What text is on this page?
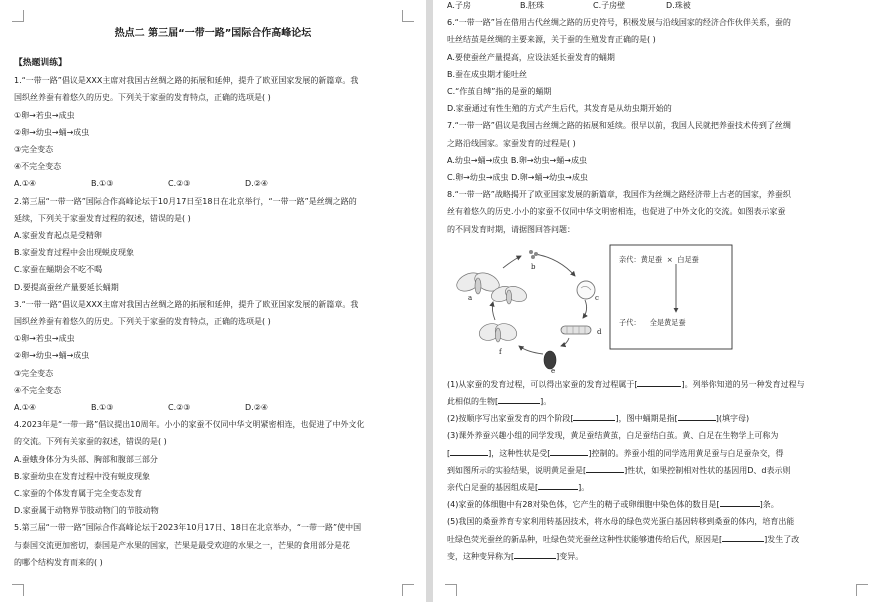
热点二 第三届“一带一路”国际合作高峰论坛
【热题训练】
1.“一带一路”倡议是XXX主席对我国古丝绸之路的拓展和延伸，提升了欧亚国家发展的新篇章。我
国织丝养蚕有着悠久的历史。下列关于家蚕的发育特点，正确的选项是( )
①卵→若虫→成虫
②卵→幼虫→蛹→成虫
③完全变态
④不完全变态
A.①④	B.①③	C.②③	D.②④
2.第三届“一带一路”国际合作高峰论坛于10月17日至18日在北京举行，“一带一路”是丝绸之路的
延续，下列关于家蚕发育过程的叙述，错误的是( )
A.家蚕发育起点是受精卵
B.家蚕发育过程中会出现蜕皮现象
C.家蚕在蛹期会不吃不喝
D.要提高蚕丝产量要延长蛹期
3.“一带一路”倡议是XXX主席对我国古丝绸之路的拓展和延伸，提升了欧亚国家发展的新篇章。我
国织丝养蚕有着悠久的历史。下列关于家蚕的发育特点，正确的选项是( )
①卵→若虫→成虫
②卵→幼虫→蛹→成虫
③完全变态
④不完全变态
A.①④	B.①③	C.②③	D.②④
4.2023年是“一带一路”倡议提出10周年。小小的家蚕不仅同中华文明紧密相连，也促进了中外文化
的交流。下列有关家蚕的叙述，错误的是( )
A.蚕蛾身体分为头部、胸部和腹部三部分
B.家蚕幼虫在发育过程中没有蜕皮现象
C.家蚕的个体发育属于完全变态发育
D.家蚕属于动物界节肢动物门的节肢动物
5.第三届“一带一路”国际合作高峰论坛于2023年10月17日、18日在北京举办，“一带一路”使中国
与泰国交流更加密切，泰国是产水果的国家，芒果是最受欢迎的水果之一，芒果的食用部分是花
的哪个结构发育而来的( )
A.子房	B.胚珠	C.子房壁	D.珠被
6.“一带一路”旨在借用古代丝绸之路的历史符号，积极发展与沿线国家的经济合作伙伴关系，蚕的
吐丝结茧是丝绸的主要来源，关于蚕的生殖发育正确的是( )
A.要使蚕丝产量提高，应设法延长蚕发育的蛹期
B.蚕在成虫期才能吐丝
C.“作茧自缚”指的是蚕的蛹期
D.家蚕通过有性生殖的方式产生后代，其发育是从幼虫期开始的
7.“一带一路”倡议是我国古丝绸之路的拓展和延续。很早以前，我国人民就把养蚕技术传到了丝绸
之路沿线国家。家蚕发育的过程是( )
A.幼虫→蛹→成虫 B.卵→幼虫→蛹→成虫
C.卵→幼虫→成虫 D.卵→蛹→幼虫→成虫
8.“一带一路”战略揭开了欧亚国家发展的新篇章，我国作为丝绸之路经济带上古老的国家，养蚕织
丝有着悠久的历史.小小的家蚕不仅同中华文明密相连，也促进了中外文化的交流。如图表示家蚕
的不同发育时期，请据图回答问题：
a
b
c
d
e
f
亲代：黄足蚕  ×  白足蚕
子代：    全是黄足蚕
(1)从家蚕的发育过程，可以得出家蚕的发育过程属于[	]。列举你知道的另一种发育过程与
此相似的生物[	]。
(2)按顺序写出家蚕发育的四个阶段[	]，图中蛹期是指[	](填字母)
(3)课外养蚕兴趣小组的同学发现，黄足蚕结黄茧，白足蚕结白茧。黄、白足在生物学上可称为
[	]，这种性状是受[	]控制的。养蚕小组的同学选用黄足蚕与白足蚕杂交，得
到如图所示的实验结果，说明黄足蚕是[	]性状，如果控制相对性状的基因用D、d表示则
亲代白足蚕的基因组成是[	]。
(4)家蚕的体细胞中有28对染色体，它产生的精子或卵细胞中染色体的数目是[	]条。
(5)我国的桑蚕养育专家利用转基因技术，将水母的绿色荧光蛋白基因转移到桑蚕的体内，培育出能
吐绿色荧光蚕丝的新品种，吐绿色荧光蚕丝这种性状能够遗传给后代，原因是[	]发生了改
变，这种变异称为[	]变异。
